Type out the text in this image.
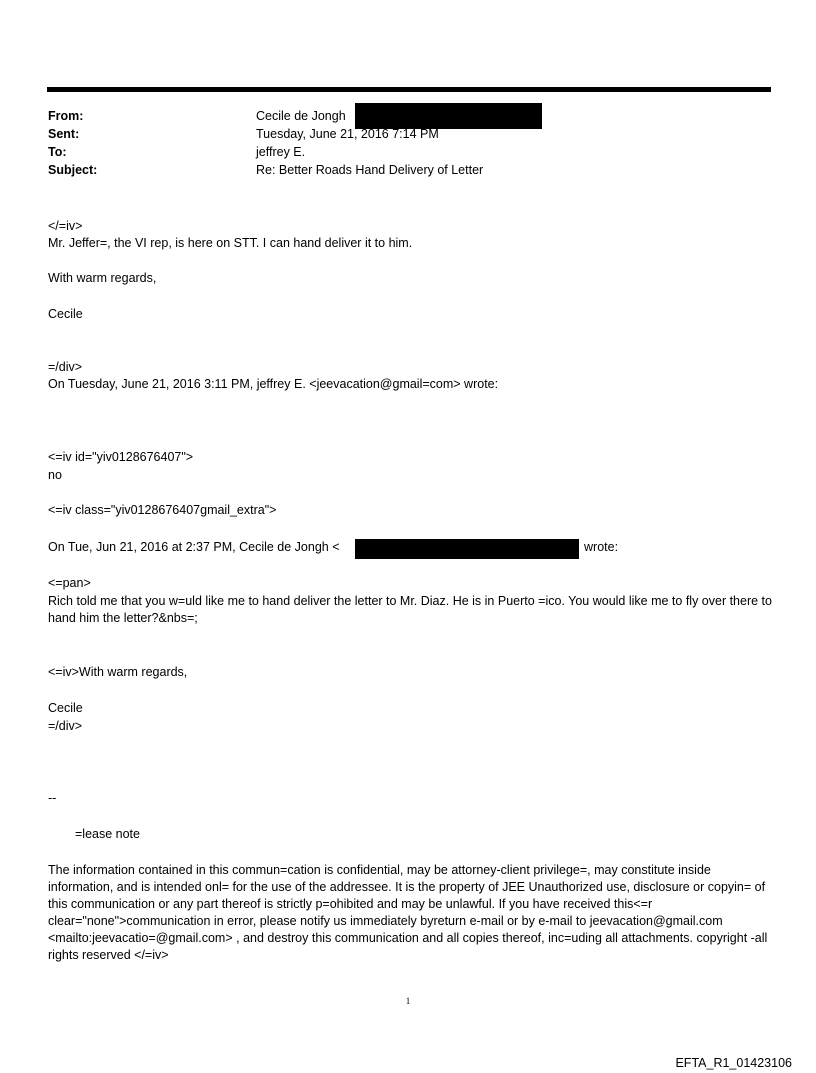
From:	Cecile de Jongh
Sent:	Tuesday, June 21, 2016 7:14 PM
To:	jeffrey E.
Subject:	Re: Better Roads Hand Delivery of Letter
</=iv>
Mr. Jeffer=, the VI rep, is here on STT. I can hand deliver it to him.
With warm regards,
Cecile
=/div>
On Tuesday, June 21, 2016 3:11 PM, jeffrey E. <jeevacation@gmail=com> wrote:
<=iv id="yiv0128676407">
no
<=iv class="yiv0128676407gmail_extra">
On Tue, Jun 21, 2016 at 2:37 PM, Cecile de Jongh <	wrote:
<=pan>
Rich told me that you w=uld like me to hand deliver the letter to Mr. Diaz. He is in Puerto =ico. You would like me to fly over there to hand him the letter?&nbs=;
<=iv>With warm regards,
Cecile
=/div>
--
=lease note
The information contained in this commun=cation is confidential, may be attorney-client privilege=, may constitute inside information, and is intended onl= for the use of the addressee. It is the property of JEE Unauthorized use, disclosure or copyin= of this communication or any part thereof is strictly p=ohibited and may be unlawful. If you have received this<=r clear="none">communication in error, please notify us immediately byreturn e-mail or by e-mail to jeevacation@gmail.com <mailto:jeevacatio=@gmail.com> , and destroy this communication and all copies thereof, inc=uding all attachments. copyright -all rights reserved </=iv>
1
EFTA_R1_01423106
